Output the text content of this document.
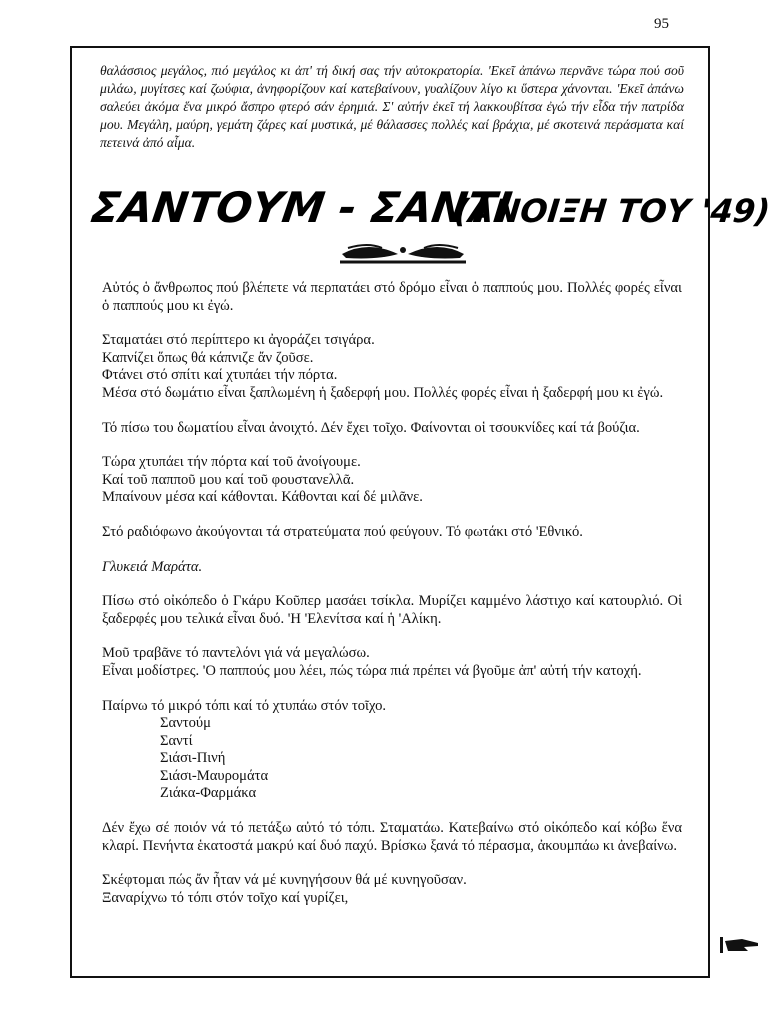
95
θαλάσσιος μεγάλος, πιό μεγάλος κι ἀπ' τή δική σας τήν αὐτοκρατορία. 'Εκεῖ ἀπάνω περνᾶνε τώρα πού σοῦ μιλάω, μυγίτσες καί ζωύφια, ἀνηφορίζουν καί κατεβαίνουν, γυαλίζουν λίγο κι ὕστερα χάνονται. 'Εκεῖ ἀπάνω σαλεύει ἀκόμα ἕνα μικρό ἄσπρο φτερό σάν ἐρημιά. Σ' αὐτήν ἐκεῖ τή λακκουβίτσα ἐγώ τήν εἶδα τήν πατρίδα μου. Μεγάλη, μαύρη, γεμάτη ζάρες καί μυστικά, μέ θάλασσες πολλές καί βράχια, μέ σκοτεινά περάσματα καί πετεινά ἀπό αἷμα.
ΣΑΝΤΟΥΜ - ΣΑΝΤΙ
(ΑΝΟΙΞΗ ΤΟΥ '49)

Αὐτός ὁ ἄνθρωπος πού βλέπετε νά περπατάει στό δρόμο εἶναι ὁ παππούς μου. Πολλές φορές εἶναι ὁ παππούς μου κι ἐγώ.

Σταματάει στό περίπτερο κι ἀγοράζει τσιγάρα.
Καπνίζει ὅπως θά κάπνιζε ἄν ζοῦσε.
Φτάνει στό σπίτι καί χτυπάει τήν πόρτα.
Μέσα στό δωμάτιο εἶναι ξαπλωμένη ἡ ξαδερφή μου. Πολλές φορές εἶναι ἡ ξαδερφή μου κι ἐγώ.

Τό πίσω του δωματίου εἶναι ἀνοιχτό. Δέν ἔχει τοῖχο. Φαίνονται οἱ τσουκνίδες καί τά βούζια.

Τώρα χτυπάει τήν πόρτα καί τοῦ ἀνοίγουμε.
Καί τοῦ παπποῦ μου καί τοῦ φουστανελλᾶ.
Μπαίνουν μέσα καί κάθονται. Κάθονται καί δέ μιλᾶνε.

Στό ραδιόφωνο ἀκούγονται τά στρατεύματα πού φεύγουν. Τό φωτάκι στό 'Εθνικό.

Γλυκειά Μαράτα.

Πίσω στό οἰκόπεδο ὁ Γκάρυ Κοῦπερ μασάει τσίκλα. Μυρίζει καμμένο λάστιχο καί κατουρλιό. Οἱ ξαδερφές μου τελικά εἶναι δυό. 'Η 'Ελενίτσα καί ἡ 'Αλίκη.

Μοῦ τραβᾶνε τό παντελόνι γιά νά μεγαλώσω.
Εἶναι μοδίστρες. 'Ο παππούς μου λέει, πώς τώρα πιά πρέπει νά βγοῦμε ἀπ' αὐτή τήν κατοχή.

Παίρνω τό μικρό τόπι καί τό χτυπάω στόν τοῖχο.

Σαντούμ
Σαντί
Σιάσι-Πινή
Σιάσι-Μαυρομάτα
Ζιάκα-Φαρμάκα

Δέν ἔχω σέ ποιόν νά τό πετάξω αὐτό τό τόπι. Σταματάω. Κατεβαίνω στό οἰκόπεδο καί κόβω ἕνα κλαρί. Πενήντα ἑκατοστά μακρύ καί δυό παχύ. Βρίσκω ξανά τό πέρασμα, ἀκουμπάω κι ἀνεβαίνω.

Σκέφτομαι πώς ἄν ἦταν νά μέ κυνηγήσουν θά μέ κυνηγοῦσαν.
Ξαναρίχνω τό τόπι στόν τοῖχο καί γυρίζει,
